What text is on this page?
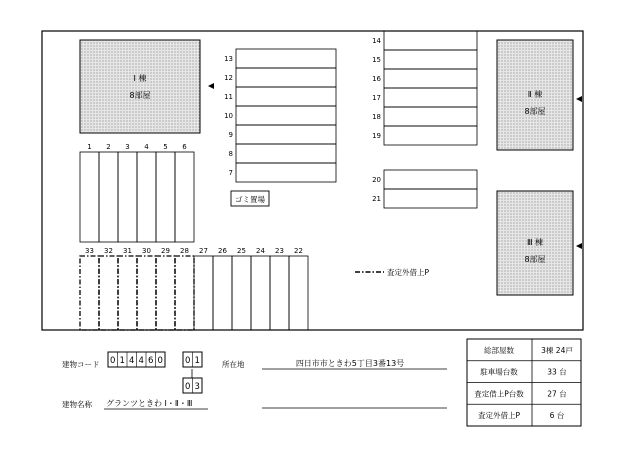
Ⅰ 棟
8部屋	Ⅱ 棟
8部屋
Ⅲ 棟
8部屋
1 2 3 4 5 6
33 32 31 30 29 28 27 26 25 24 23 22
13
12
11
10
9
8
7
14
15
16
17
18
19
20
21
ゴミ置場
査定外借上P
建物コード 0 1 4 4 6 0	0 1
0 3
所在地	四日市市ときわ5丁目3番13号
建物名称 グランツときわ Ⅰ・Ⅱ・Ⅲ
総部屋数	3棟 24戸
駐車場台数	33 台
査定借上P台数	27 台
査定外借上P	6 台
